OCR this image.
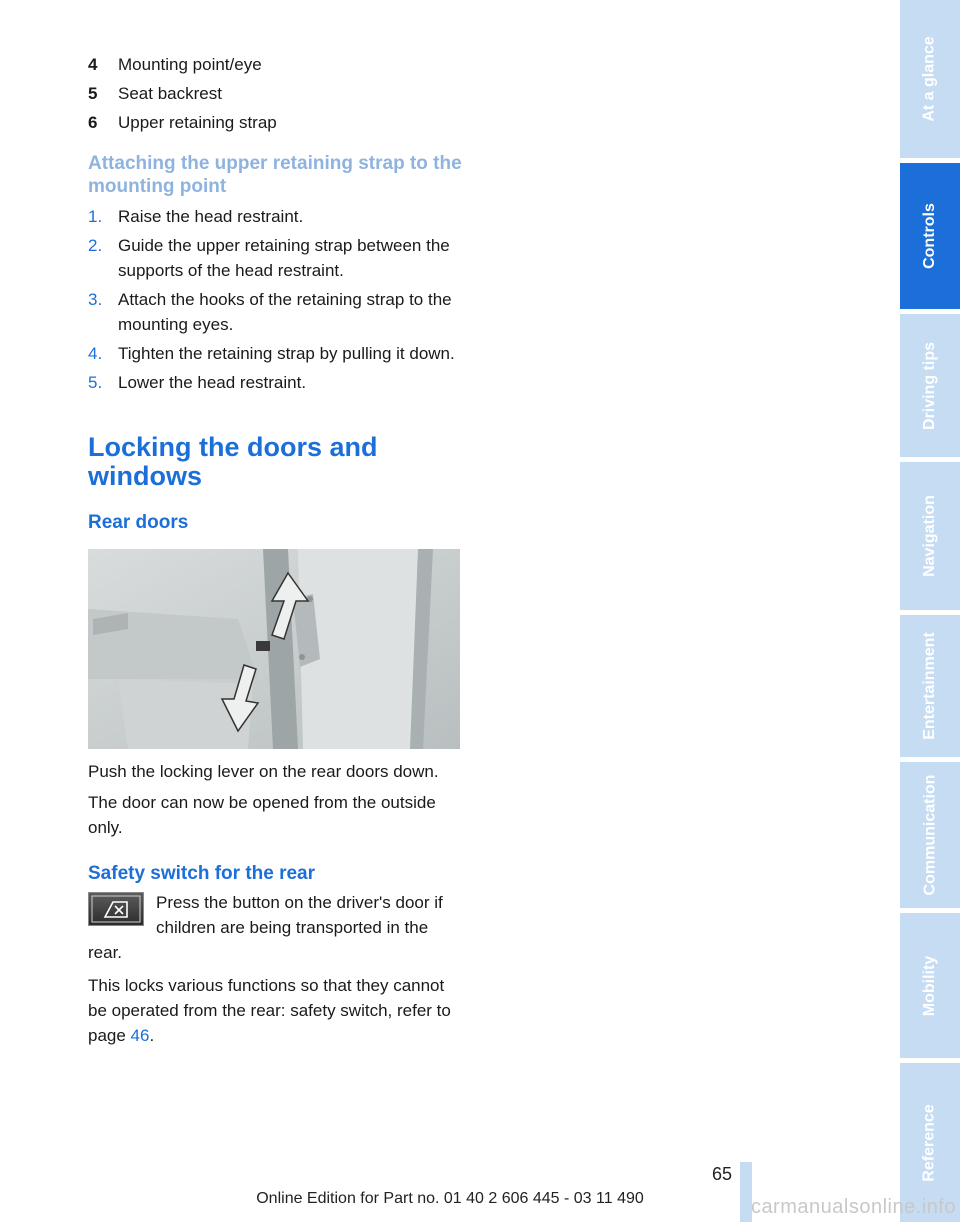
4	Mounting point/eye
5	Seat backrest
6	Upper retaining strap
Attaching the upper retaining strap to the mounting point
1. Raise the head restraint.
2. Guide the upper retaining strap between the supports of the head restraint.
3. Attach the hooks of the retaining strap to the mounting eyes.
4. Tighten the retaining strap by pulling it down.
5. Lower the head restraint.
Locking the doors and windows
Rear doors

Push the locking lever on the rear doors down.

The door can now be opened from the outside only.

Safety switch for the rear

Press the button on the driver's door if children are being transported in the rear.

This locks various functions so that they cannot be operated from the rear: safety switch, refer to page 46.

At a glance
Controls
Driving tips
Navigation
Entertainment
Communication
Mobility
Reference
65
Online Edition for Part no. 01 40 2 606 445 - 03 11 490	carmanualsonline.info
